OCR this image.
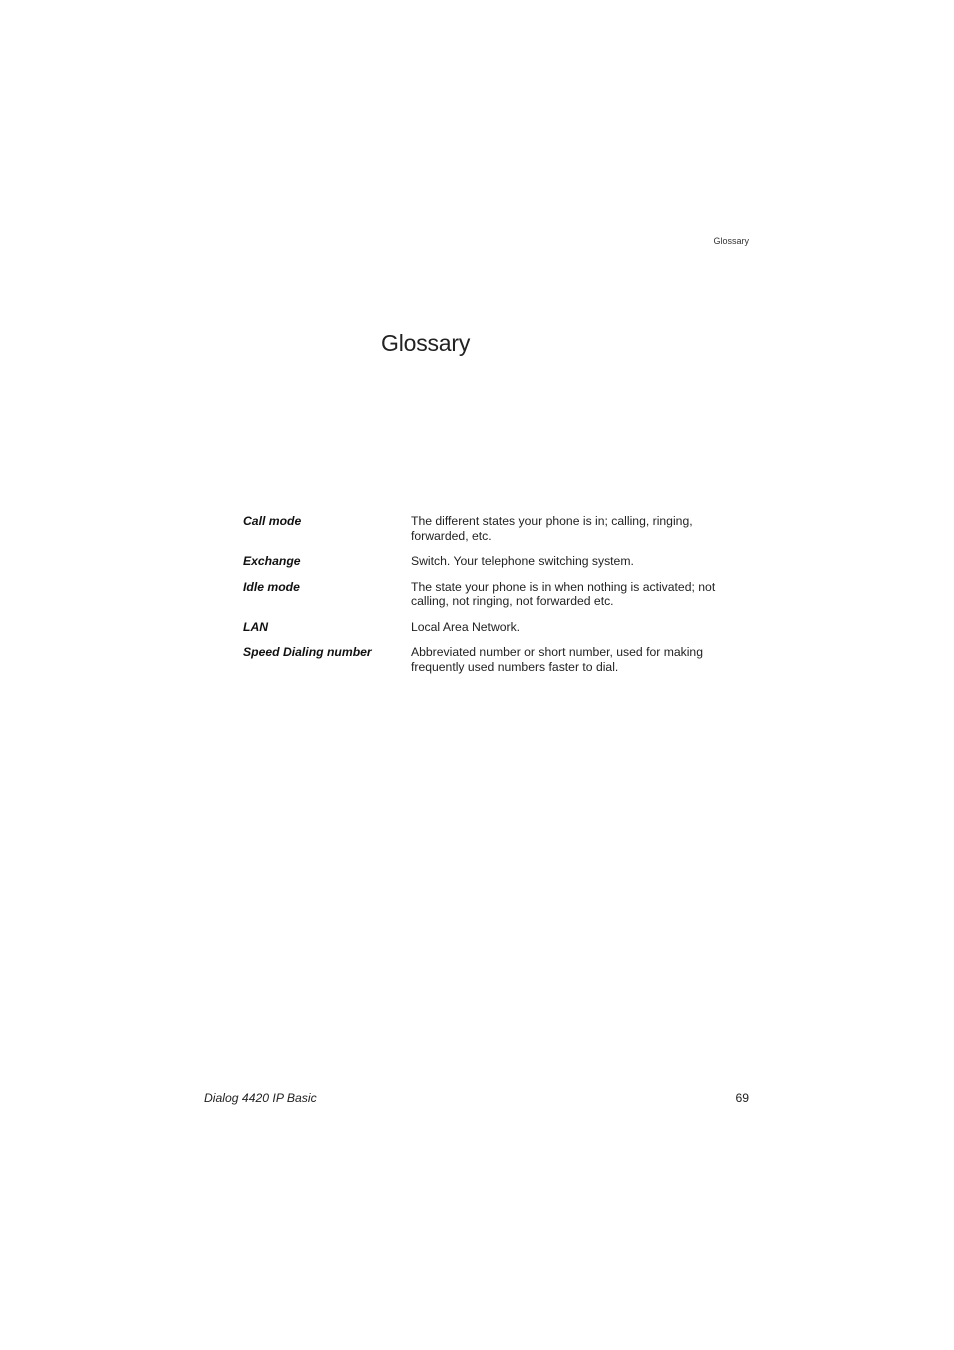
Glossary
Glossary
Call mode	The different states your phone is in; calling, ringing, forwarded, etc.
Exchange	Switch. Your telephone switching system.
Idle mode	The state your phone is in when nothing is activated; not calling, not ringing, not forwarded etc.
LAN	Local Area Network.
Speed Dialing number	Abbreviated number or short number, used for making frequently used numbers faster to dial.
Dialog 4420 IP Basic	69
